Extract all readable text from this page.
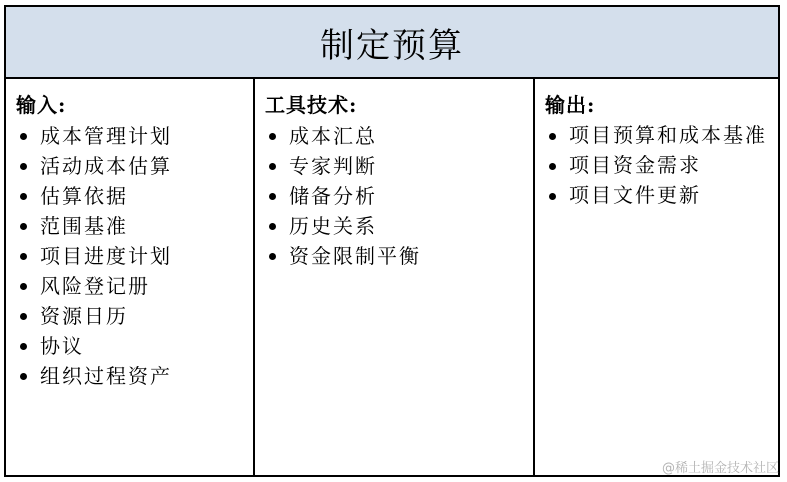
制定预算
输入:
成本管理计划
活动成本估算
估算依据
范围基准
项目进度计划
风险登记册
资源日历
协议
组织过程资产
工具技术:
成本汇总
专家判断
储备分析
历史关系
资金限制平衡
输出:
项目预算和成本基准
项目资金需求
项目文件更新
@稀土掘金技术社区
